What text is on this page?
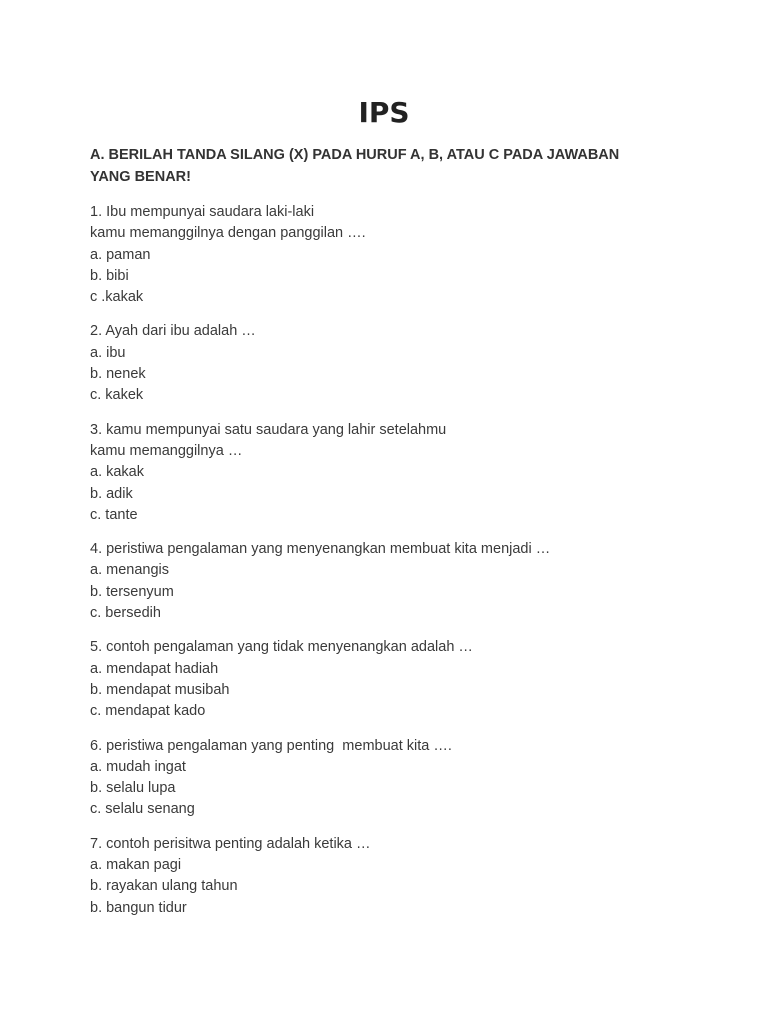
IPS
A. BERILAH TANDA SILANG (X) PADA HURUF A, B, ATAU C PADA JAWABAN YANG BENAR!
1. Ibu mempunyai saudara laki-laki
kamu memanggilnya dengan panggilan ….
a. paman
b. bibi
c .kakak
2. Ayah dari ibu adalah …
a. ibu
b. nenek
c. kakek
3. kamu mempunyai satu saudara yang lahir setelahmu
kamu memanggilnya …
a. kakak
b. adik
c. tante
4. peristiwa pengalaman yang menyenangkan membuat kita menjadi …
a. menangis
b. tersenyum
c. bersedih
5. contoh pengalaman yang tidak menyenangkan adalah …
a. mendapat hadiah
b. mendapat musibah
c. mendapat kado
6. peristiwa pengalaman yang penting  membuat kita ….
a. mudah ingat
b. selalu lupa
c. selalu senang
7. contoh perisitwa penting adalah ketika …
a. makan pagi
b. rayakan ulang tahun
b. bangun tidur
